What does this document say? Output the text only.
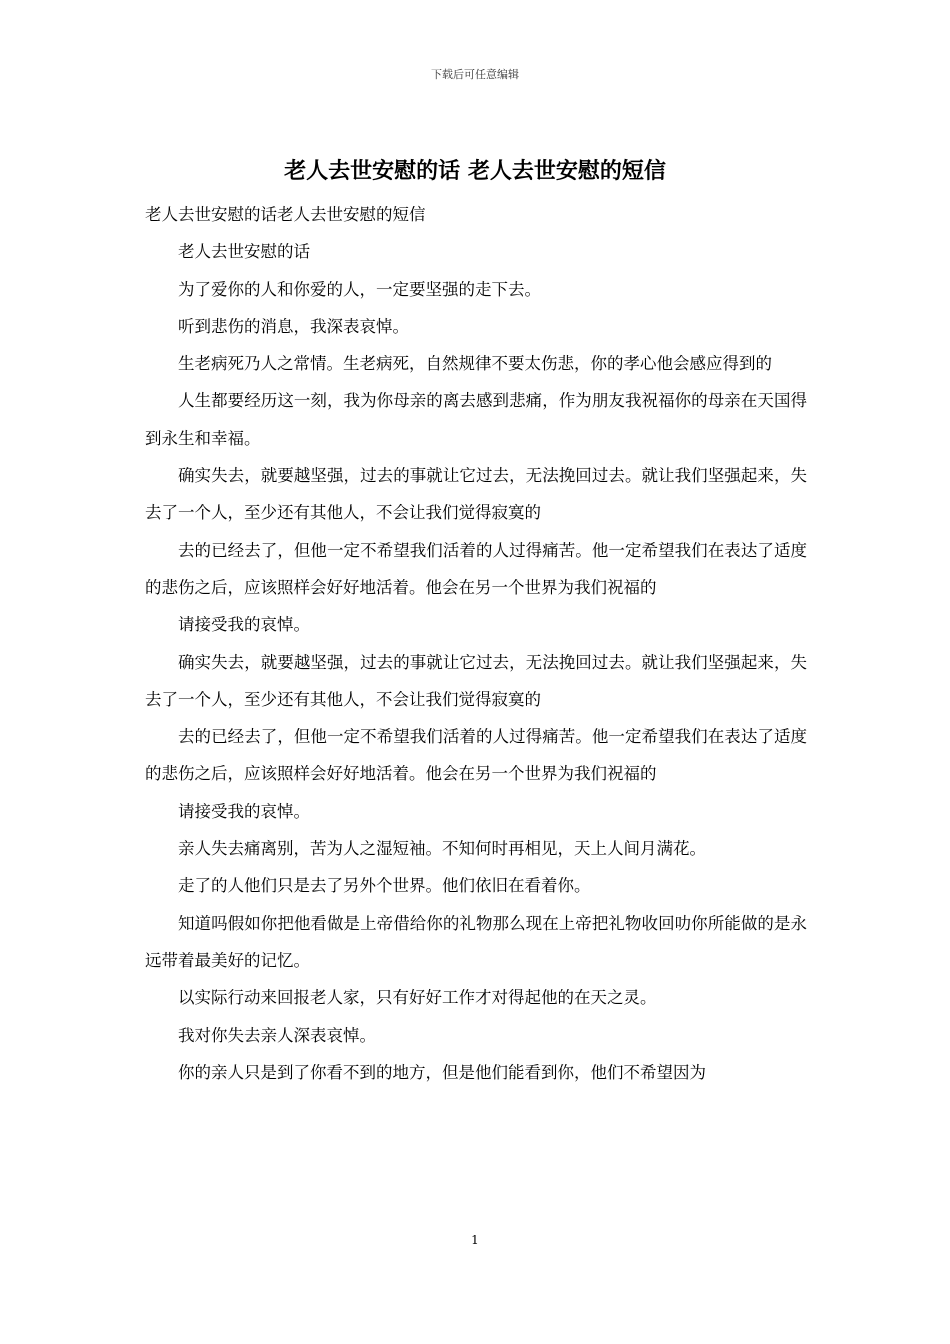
下载后可任意编辑
老人去世安慰的话 老人去世安慰的短信

老人去世安慰的话老人去世安慰的短信

老人去世安慰的话

为了爱你的人和你爱的人，一定要坚强的走下去。

听到悲伤的消息，我深表哀悼。

生老病死乃人之常情。生老病死，自然规律不要太伤悲，你的孝心他会感应得到的

人生都要经历这一刻，我为你母亲的离去感到悲痛，作为朋友我祝福你的母亲在天国得到永生和幸福。

确实失去，就要越坚强，过去的事就让它过去，无法挽回过去。就让我们坚强起来，失去了一个人，至少还有其他人，不会让我们觉得寂寞的

去的已经去了，但他一定不希望我们活着的人过得痛苦。他一定希望我们在表达了适度的悲伤之后，应该照样会好好地活着。他会在另一个世界为我们祝福的

请接受我的哀悼。

确实失去，就要越坚强，过去的事就让它过去，无法挽回过去。就让我们坚强起来，失去了一个人，至少还有其他人，不会让我们觉得寂寞的

去的已经去了，但他一定不希望我们活着的人过得痛苦。他一定希望我们在表达了适度的悲伤之后，应该照样会好好地活着。他会在另一个世界为我们祝福的

请接受我的哀悼。

亲人失去痛离别，苦为人之湿短袖。不知何时再相见，天上人间月满花。

走了的人他们只是去了另外个世界。他们依旧在看着你。

知道吗假如你把他看做是上帝借给你的礼物那么现在上帝把礼物收回叻你所能做的是永远带着最美好的记忆。

以实际行动来回报老人家，只有好好工作才对得起他的在天之灵。

我对你失去亲人深表哀悼。

你的亲人只是到了你看不到的地方，但是他们能看到你，他们不希望因为

1
